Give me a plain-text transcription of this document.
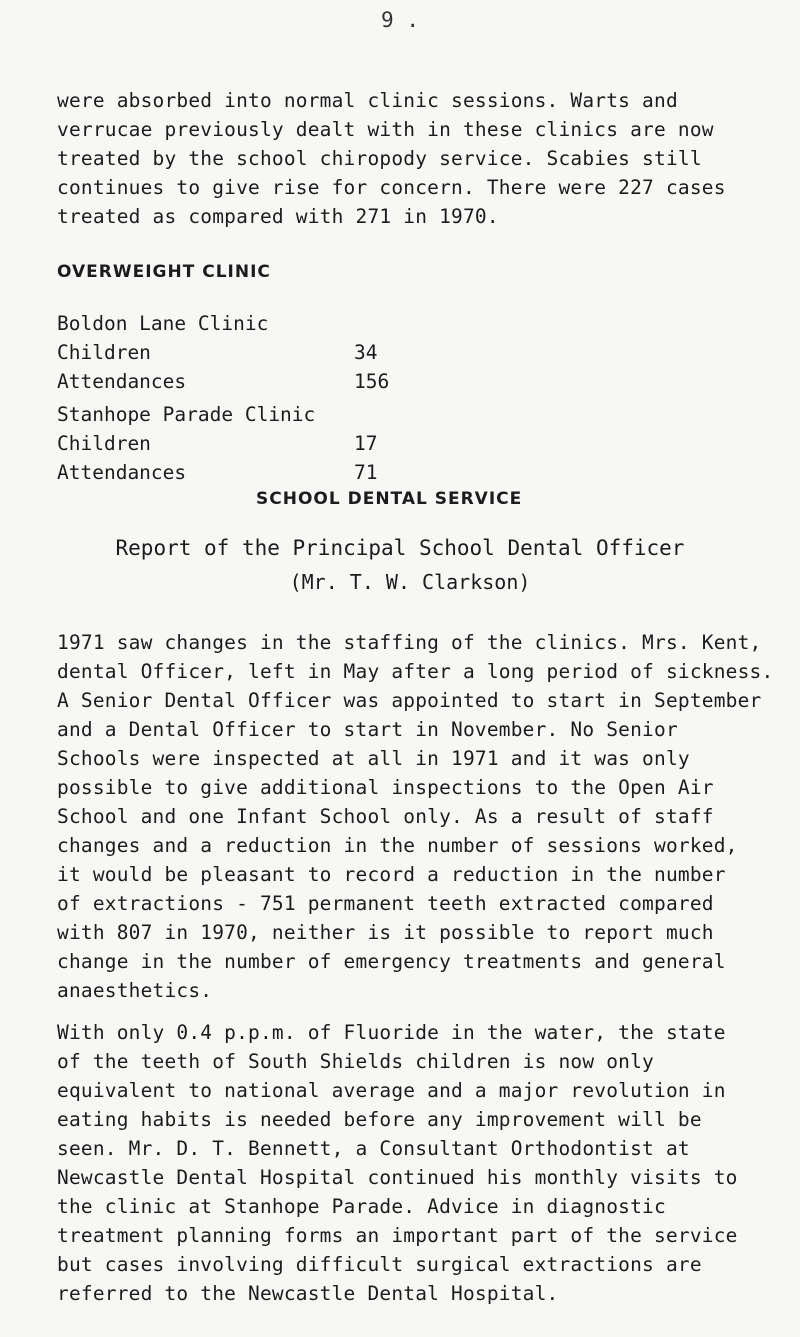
9 .
were absorbed into normal clinic sessions. Warts and
verrucae previously dealt with in these clinics are now
treated by the school chiropody service. Scabies still
continues to give rise for concern. There were 227 cases
treated as compared with 271 in 1970.
OVERWEIGHT CLINIC
Boldon Lane Clinic
Children	34
Attendances	156
Stanhope Parade Clinic
Children	17
Attendances	71
SCHOOL DENTAL SERVICE
Report of the Principal School Dental Officer
(Mr. T. W. Clarkson)
1971 saw changes in the staffing of the clinics. Mrs. Kent,
dental Officer, left in May after a long period of sickness.
A Senior Dental Officer was appointed to start in September
and a Dental Officer to start in November. No Senior
Schools were inspected at all in 1971 and it was only
possible to give additional inspections to the Open Air
School and one Infant School only. As a result of staff
changes and a reduction in the number of sessions worked,
it would be pleasant to record a reduction in the number
of extractions - 751 permanent teeth extracted compared
with 807 in 1970, neither is it possible to report much
change in the number of emergency treatments and general
anaesthetics.
With only 0.4 p.p.m. of Fluoride in the water, the state
of the teeth of South Shields children is now only
equivalent to national average and a major revolution in
eating habits is needed before any improvement will be
seen. Mr. D. T. Bennett, a Consultant Orthodontist at
Newcastle Dental Hospital continued his monthly visits to
the clinic at Stanhope Parade. Advice in diagnostic
treatment planning forms an important part of the service
but cases involving difficult surgical extractions are
referred to the Newcastle Dental Hospital.
